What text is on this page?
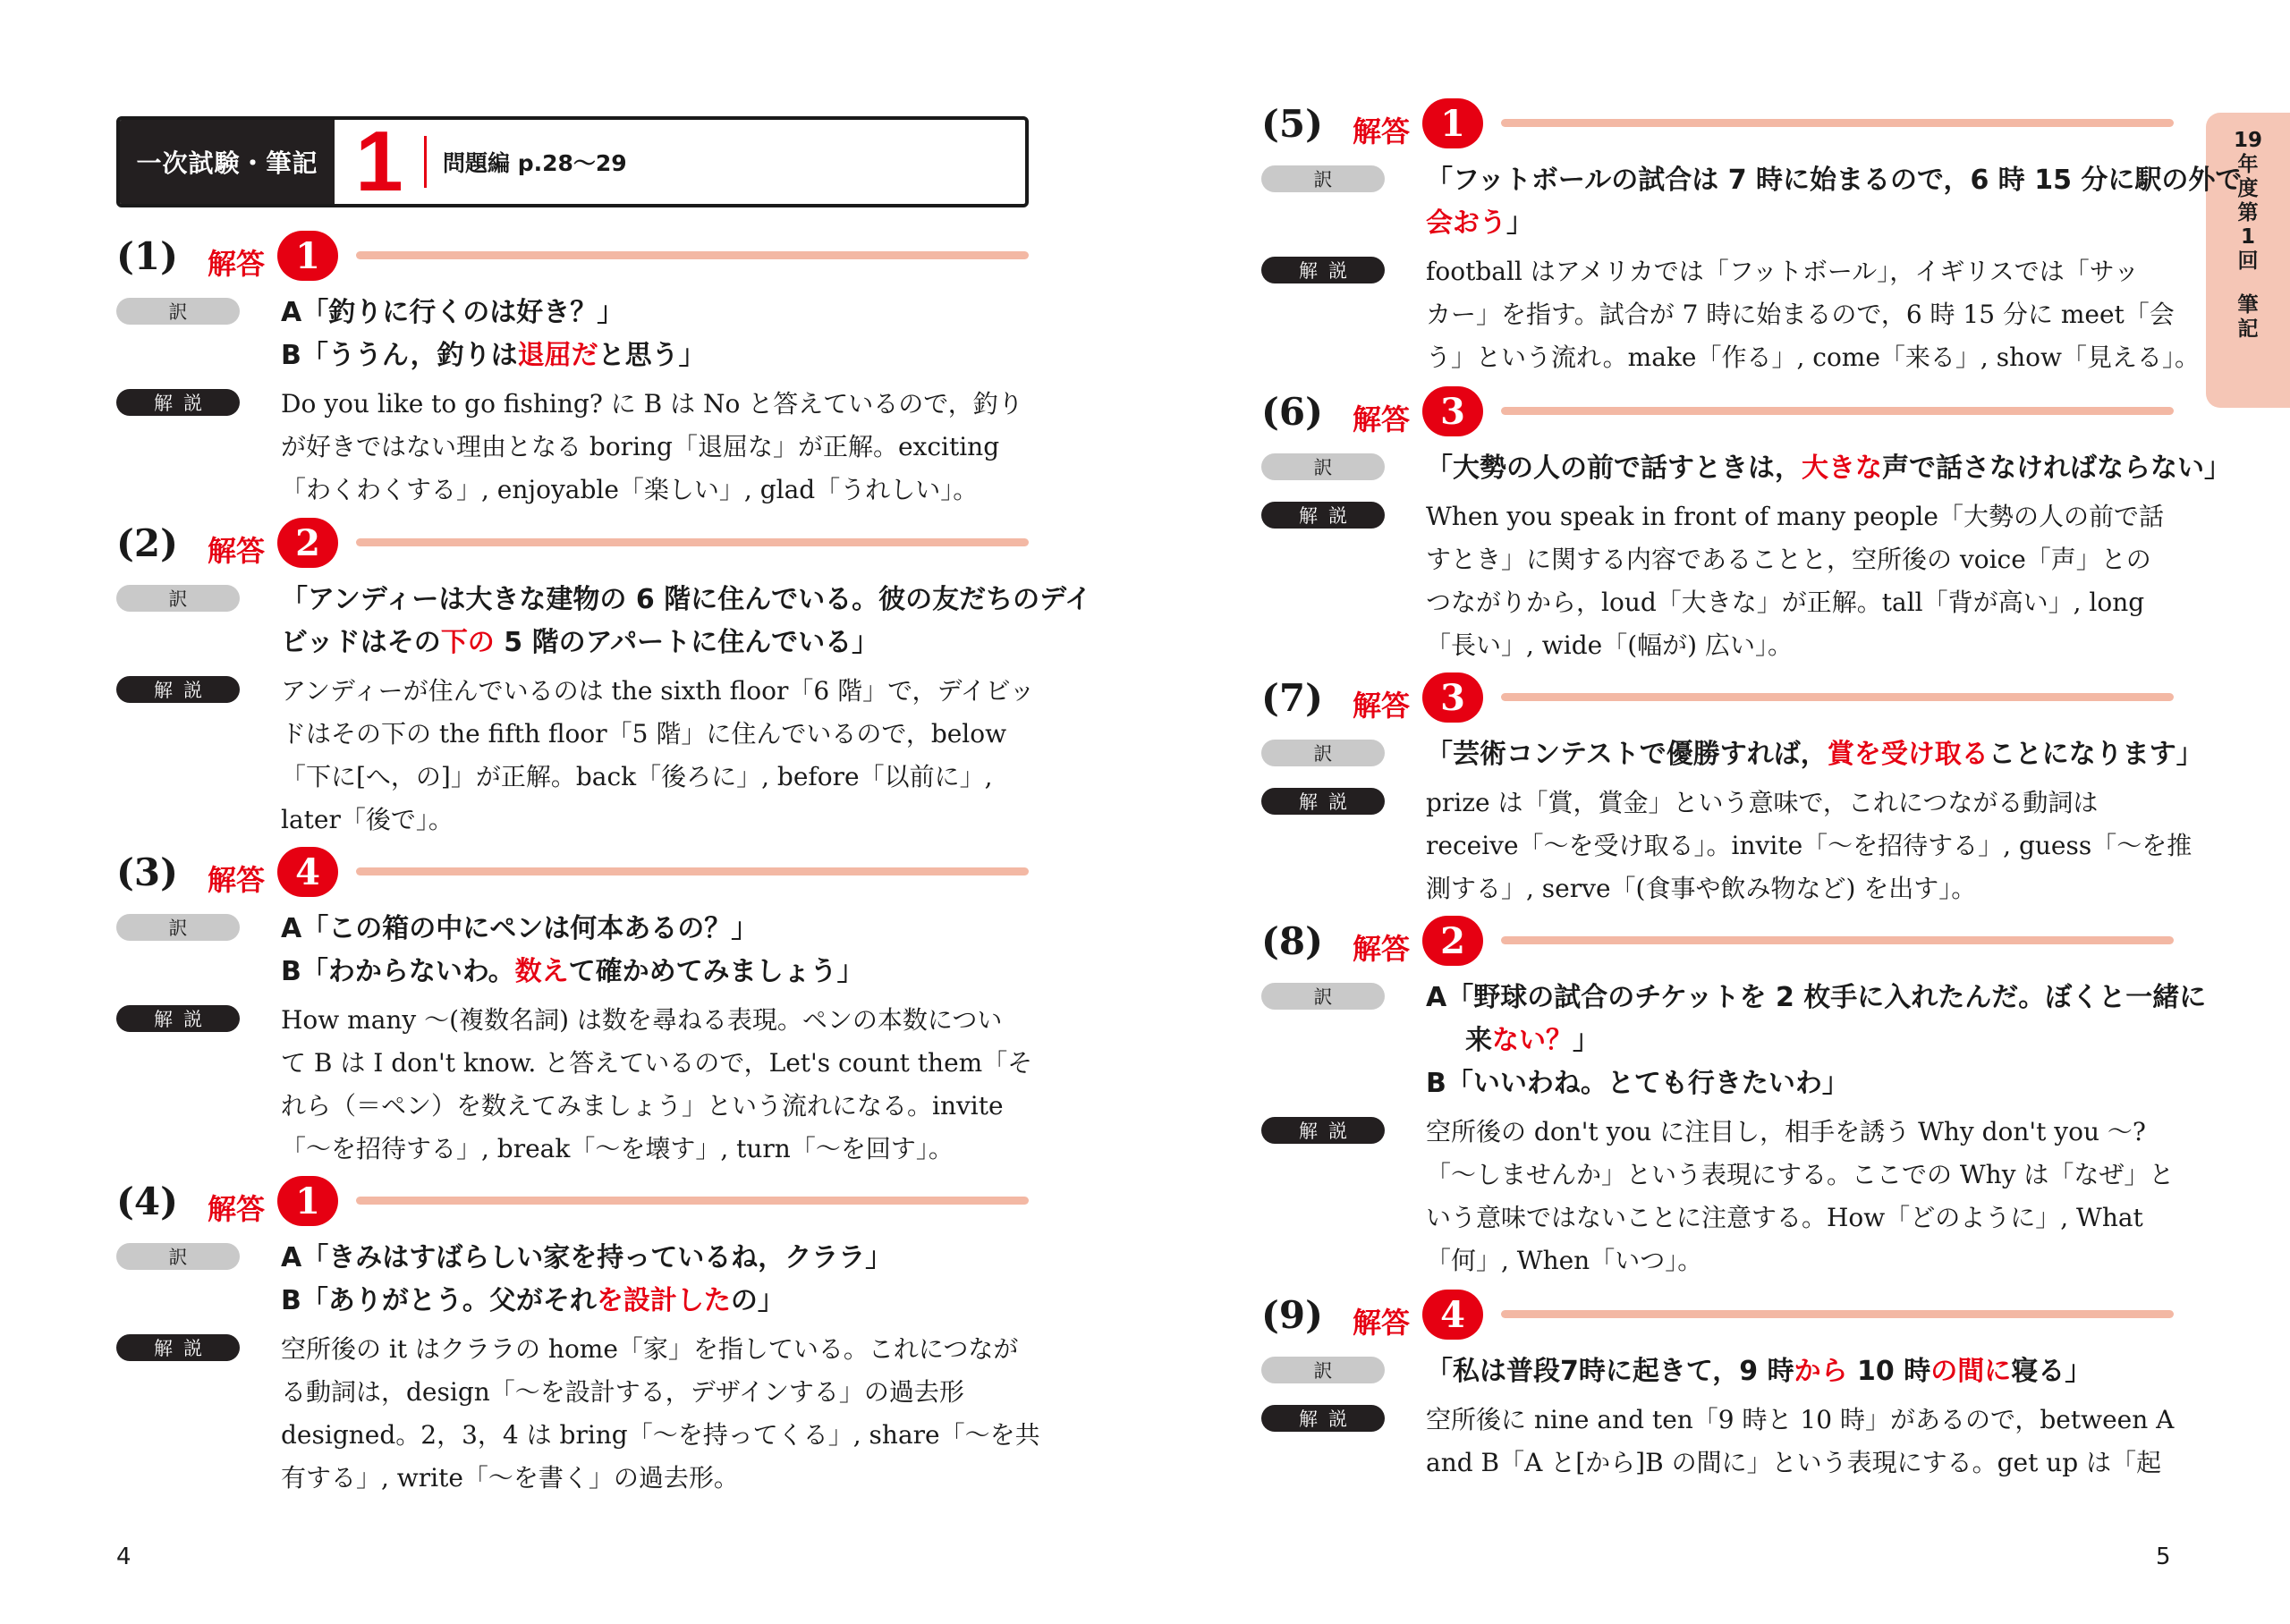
一次試験・筆記 1	問題編 p.28〜29
4	5
19
年
度
第
1
回
筆
記
(1) 解答 1
訳	A「釣りに行くのは好き？」
B「ううん，釣りは退屈だと思う」
解説	Do you like to go fishing? に B は No と答えているので，釣り
が好きではない理由となる boring「退屈な」が正解。exciting
「わくわくする」, enjoyable「楽しい」, glad「うれしい」。
(2) 解答 2
訳	「アンディーは大きな建物の 6 階に住んでいる。彼の友だちのデイ
ビッドはその下の 5 階のアパートに住んでいる」
解説	アンディーが住んでいるのは the sixth floor「6 階」で，デイビッ
ドはその下の the fifth floor「5 階」に住んでいるので，below
「下に[へ，の]」が正解。back「後ろに」, before「以前に」,
later「後で」。
(3) 解答 4
訳	A「この箱の中にペンは何本あるの？」
B「わからないわ。数えて確かめてみましょう」
解説	How many 〜(複数名詞) は数を尋ねる表現。ペンの本数につい
て B は I don't know. と答えているので，Let's count them「そ
れら（＝ペン）を数えてみましょう」という流れになる。invite
「〜を招待する」, break「〜を壊す」, turn「〜を回す」。
(4) 解答 1
訳	A「きみはすばらしい家を持っているね，クララ」
B「ありがとう。父がそれを設計したの」
解説	空所後の it はクララの home「家」を指している。これにつなが
る動詞は，design「〜を設計する，デザインする」の過去形
designed。2，3，4 は bring「〜を持ってくる」, share「〜を共
有する」, write「〜を書く」の過去形。
(5) 解答 1
訳	「フットボールの試合は 7 時に始まるので，6 時 15 分に駅の外で
会おう」
解説	football はアメリカでは「フットボール」，イギリスでは「サッ
カー」を指す。試合が 7 時に始まるので，6 時 15 分に meet「会
う」という流れ。make「作る」, come「来る」, show「見える」。
(6) 解答 3
訳	「大勢の人の前で話すときは，大きな声で話さなければならない」
解説	When you speak in front of many people「大勢の人の前で話
すとき」に関する内容であることと，空所後の voice「声」との
つながりから，loud「大きな」が正解。tall「背が高い」, long
「長い」, wide「(幅が) 広い」。
(7) 解答 3
訳	「芸術コンテストで優勝すれば，賞を受け取ることになります」
解説	prize は「賞，賞金」という意味で，これにつながる動詞は
receive「〜を受け取る」。invite「〜を招待する」, guess「〜を推
測する」, serve「(食事や飲み物など) を出す」。
(8) 解答 2
訳	A「野球の試合のチケットを 2 枚手に入れたんだ。ぼくと一緒に
来ない？」
B「いいわね。とても行きたいわ」
解説	空所後の don't you に注目し，相手を誘う Why don't you 〜?
「〜しませんか」という表現にする。ここでの Why は「なぜ」と
いう意味ではないことに注意する。How「どのように」, What
「何」, When「いつ」。
(9) 解答 4
訳	「私は普段7時に起きて，9 時から 10 時の間に寝る」
解説	空所後に nine and ten「9 時と 10 時」があるので，between A
and B「A と[から]B の間に」という表現にする。get up は「起
